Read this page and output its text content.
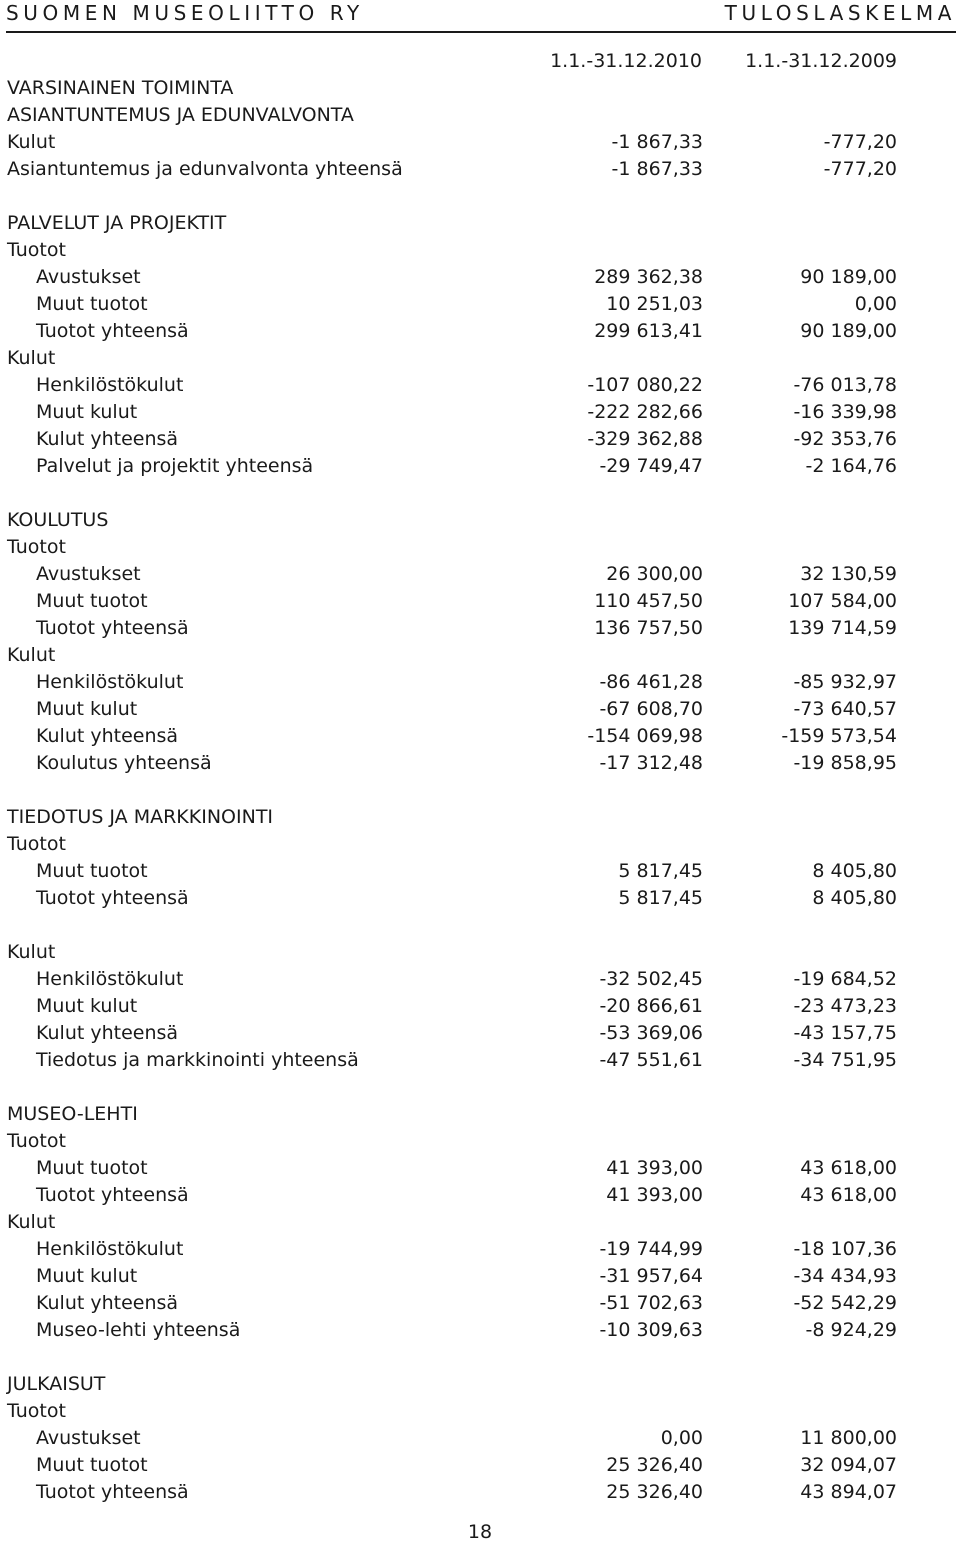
SUOMEN MUSEOLIITTO RY	TULOSLASKELMA
1.1.-31.12.2010 1.1.-31.12.2009
VARSINAINEN TOIMINTA
ASIANTUNTEMUS JA EDUNVALVONTA
Kulut	-1 867,33	-777,20
Asiantuntemus ja edunvalvonta yhteensä	-1 867,33	-777,20
PALVELUT JA PROJEKTIT
Tuotot
Avustukset	289 362,38	90 189,00
Muut tuotot	10 251,03	0,00
Tuotot yhteensä	299 613,41	90 189,00
Kulut
Henkilöstökulut	-107 080,22	-76 013,78
Muut kulut	-222 282,66	-16 339,98
Kulut yhteensä	-329 362,88	-92 353,76
Palvelut ja projektit yhteensä	-29 749,47	-2 164,76
KOULUTUS
Tuotot
Avustukset	26 300,00	32 130,59
Muut tuotot	110 457,50	107 584,00
Tuotot yhteensä	136 757,50	139 714,59
Kulut
Henkilöstökulut	-86 461,28	-85 932,97
Muut kulut	-67 608,70	-73 640,57
Kulut yhteensä	-154 069,98	-159 573,54
Koulutus yhteensä	-17 312,48	-19 858,95
TIEDOTUS JA MARKKINOINTI
Tuotot
Muut tuotot	5 817,45	8 405,80
Tuotot yhteensä	5 817,45	8 405,80
Kulut
Henkilöstökulut	-32 502,45	-19 684,52
Muut kulut	-20 866,61	-23 473,23
Kulut yhteensä	-53 369,06	-43 157,75
Tiedotus ja markkinointi yhteensä	-47 551,61	-34 751,95
MUSEO-LEHTI
Tuotot
Muut tuotot	41 393,00	43 618,00
Tuotot yhteensä	41 393,00	43 618,00
Kulut
Henkilöstökulut	-19 744,99	-18 107,36
Muut kulut	-31 957,64	-34 434,93
Kulut yhteensä	-51 702,63	-52 542,29
Museo-lehti yhteensä	-10 309,63	-8 924,29
JULKAISUT
Tuotot
Avustukset	0,00	11 800,00
Muut tuotot	25 326,40	32 094,07
Tuotot yhteensä	25 326,40	43 894,07
18
